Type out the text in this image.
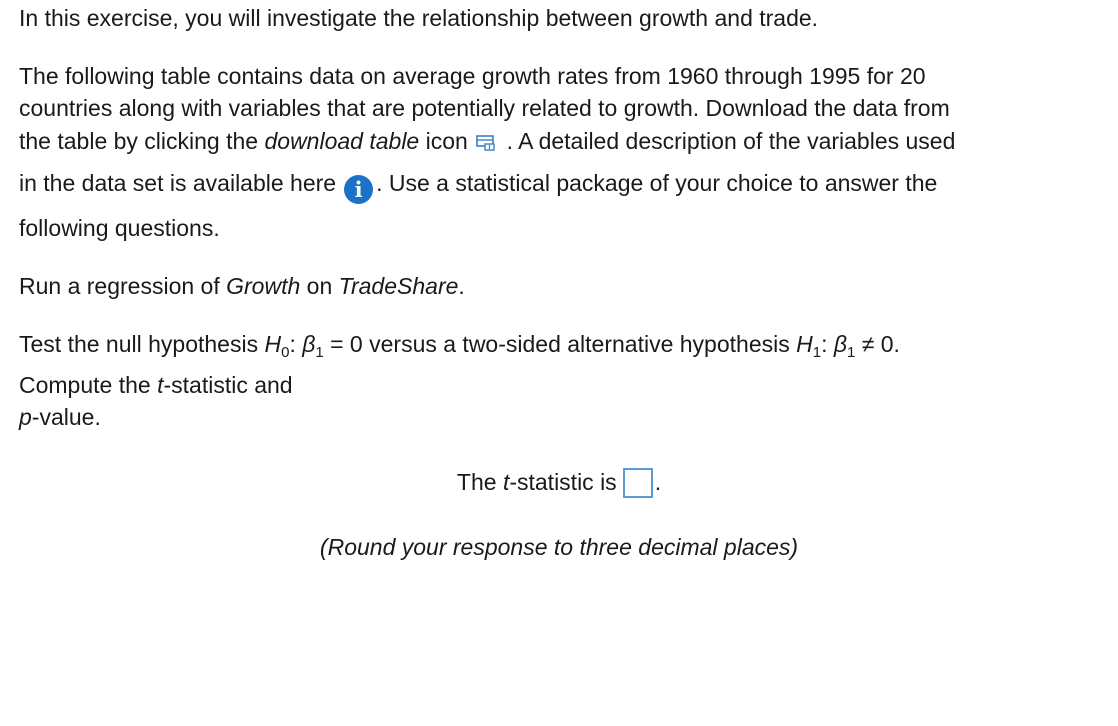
In this exercise, you will investigate the relationship between growth and trade.

The following table contains data on average growth rates from 1960 through 1995 for 20

countries along with variables that are potentially related to growth. Download the data from

the table by clicking the download table icon . A detailed description of the variables used

in the data set is available here i . Use a statistical package of your choice to answer the

following questions.

Run a regression of Growth on TradeShare.

Test the null hypothesis $H_0$: $\beta_1 = 0$ versus a two-sided alternative hypothesis $H_1$: $\beta_1 \ne 0$.

Compute the t-statistic and

p-value.

The t-statistic is .

(Round your response to three decimal places)
